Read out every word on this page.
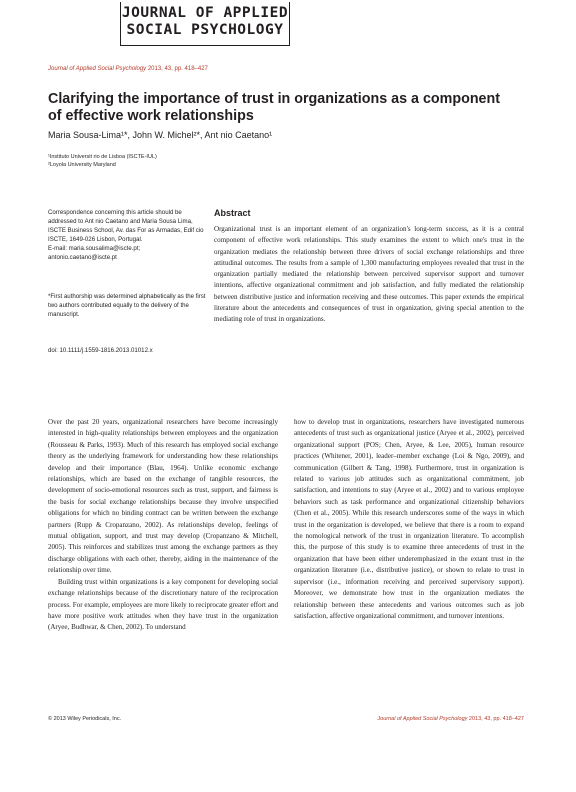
JOURNAL OF APPLIED
SOCIAL PSYCHOLOGY
Journal of Applied Social Psychology 2013, 43, pp. 418–427
Clarifying the importance of trust in organizations as a component of effective work relationships
Maria Sousa-Lima¹*, John W. Michel²*, Ant nio Caetano¹
¹Instituto Universit rio de Lisboa (ISCTE-IUL)
²Loyola University Maryland

Correspondence concerning this article should be addressed to Ant nio Caetano and Maria Sousa Lima, ISCTE Business School, Av. das For as Armadas, Edif cio ISCTE, 1649-026 Lisbon, Portugal.

E-mail: maria.sousalima@iscte.pt; antonio.caetano@iscte.pt

*First authorship was determined alphabetically as the first two authors contributed equally to the delivery of the manuscript.
doi: 10.1111/j.1559-1816.2013.01012.x
Abstract

Organizational trust is an important element of an organization's long-term success, as it is a central component of effective work relationships. This study examines the extent to which one's trust in the organization mediates the relationship between three drivers of social exchange relationships and three attitudinal outcomes. The results from a sample of 1,300 manufacturing employees revealed that trust in the organization partially mediated the relationship between perceived supervisor support and turnover intentions, affective organizational commitment and job satisfaction, and fully mediated the relationship between distributive justice and information receiving and these outcomes. This paper extends the empirical literature about the antecedents and consequences of trust in organization, giving special attention to the mediating role of trust in organizations.

Over the past 20 years, organizational researchers have become increasingly interested in high-quality relationships between employees and the organization (Rousseau & Parks, 1993). Much of this research has employed social exchange theory as the underlying framework for understanding how these relationships develop and their importance (Blau, 1964). Unlike economic exchange relationships, which are based on the exchange of tangible resources, the development of socio-emotional resources such as trust, support, and fairness is the basis for social exchange relationships because they involve unspecified obligations for which no binding contract can be written between the exchange partners (Rupp & Cropanzano, 2002). As relationships develop, feelings of mutual obligation, support, and trust may develop (Cropanzano & Mitchell, 2005). This reinforces and stabilizes trust among the exchange partners as they discharge obligations with each other, thereby, aiding in the maintenance of the relationship over time.

Building trust within organizations is a key component for developing social exchange relationships because of the discretionary nature of the reciprocation process. For example, employees are more likely to reciprocate greater effort and have more positive work attitudes when they have trust in the organization (Aryee, Budhwar, & Chen, 2002). To understand

how to develop trust in organizations, researchers have investigated numerous antecedents of trust such as organizational justice (Aryee et al., 2002), perceived organizational support (POS; Chen, Aryee, & Lee, 2005), human resource practices (Whitener, 2001), leader–member exchange (Loi & Ngo, 2009), and communication (Gilbert & Tang, 1998). Furthermore, trust in organization is related to various job attitudes such as organizational commitment, job satisfaction, and intentions to stay (Aryee et al., 2002) and to various employee behaviors such as task performance and organizational citizenship behaviors (Chen et al., 2005). While this research underscores some of the ways in which trust in the organization is developed, we believe that there is a room to expand the nomological network of the trust in organization literature. To accomplish this, the purpose of this study is to examine three antecedents of trust in the organization that have been either underemphasized in the extant trust in the organization literature (i.e., distributive justice), or shown to relate to trust in supervisor (i.e., information receiving and perceived supervisory support). Moreover, we demonstrate how trust in the organization mediates the relationship between these antecedents and various outcomes such as job satisfaction, affective organizational commitment, and turnover intentions.

© 2013 Wiley Periodicals, Inc.	Journal of Applied Social Psychology 2013, 43, pp. 418–427
